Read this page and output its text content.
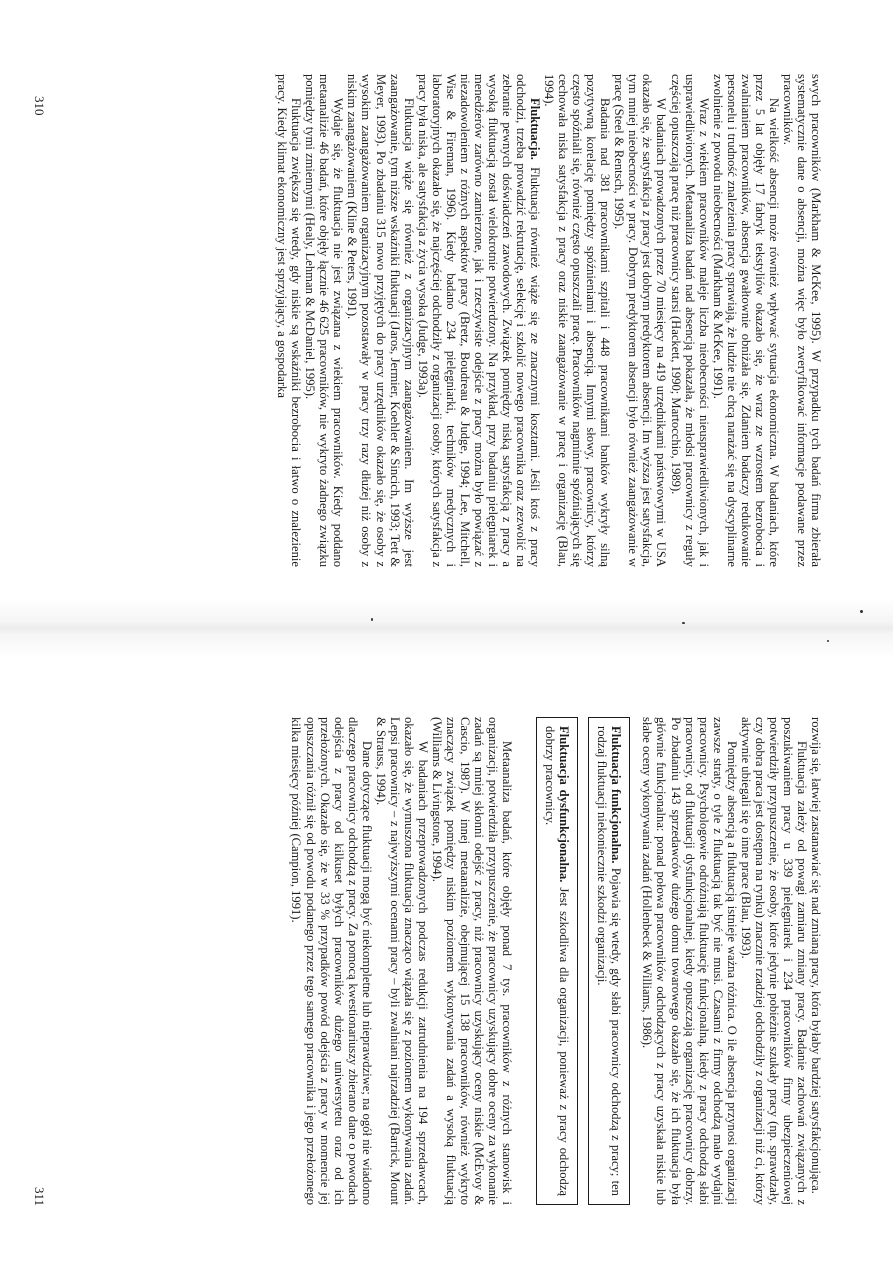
swych pracowników (Markham & McKee, 1995). W przypadku tych badań firma zbierała systematycznie dane o absencji, można więc było zweryfikować informacje podawane przez pracowników.

Na wielkość absencji może również wpływać sytuacja ekonomiczna. W badaniach, które przez 5 lat objęły 17 fabryk tekstyliów okazało się, że wraz ze wzrostem bezrobocia i zwalnianiem pracowników, absencja gwałtownie obniżała się. Zdaniem badaczy redukowanie personelu i trudność znalezienia pracy sprawiają, że ludzie nie chcą narażać się na dyscyplinarne zwolnienie z powodu nieobecności (Markham & McKee, 1991).

Wraz z wiekiem pracowników maleje liczba nieobecności nieusprawiedliwionych, jak i usprawiedliwionych. Metaanaliza badań nad absencją pokazała, że młodsi pracownicy z reguły częściej opuszczają pracę niż pracownicy starsi (Hackett, 1990; Martocchio, 1989).

W badaniach prowadzonych przez 70 miesięcy na 419 urzędnikami państwowymi w USA okazało się, że satysfakcja z pracy jest dobrym predyktorem absencji. Im wyższa jest satysfakcja, tym mniej nieobecności w pracy. Dobrym predyktorem absencji było również zaangażowanie w pracę (Steel & Rentsch, 1995).

Badania nad 381 pracownikami szpitali i 448 pracownikami banków wykryły silną pozytywną korelację pomiędzy spóźnieniami i absencją. Innymi słowy, pracownicy, którzy często spóźniali się, również często opuszczali pracę. Pracowników nagminnie spóźniających się cechowała niska satysfakcja z pracy oraz niskie zaangażowanie w pracę i organizację (Blau, 1994).

Fluktuacja. Fluktuacja również wiąże się ze znacznymi kosztami. Jeśli ktoś z pracy odchodzi, trzeba prowadzić rekrutację, selekcję i szkolić nowego pracownika oraz zezwolić na zebranie pewnych doświadczeń zawodowych. Związek pomiędzy niską satysfakcją z pracy a wysoką fluktuacją został wielokrotnie potwierdzony. Na przykład, przy badaniu pielęgniarek i menedżerów zarówno zamierzone, jak i rzeczywiste odejście z pracy można było powiązać z niezadowoleniem z różnych aspektów pracy (Bretz, Boudreau & Judge, 1994; Lee, Mitchell, Wise & Fireman, 1996). Kiedy badano 234 pielęgniarki, techników medycznych i laboratoryjnych okazało się, że najczęściej odchodziły z organizacji osoby, których satysfakcja z pracy była niska, ale satysfakcja z życia wysoka (Judge, 1993a).

Fluktuacja wiąże się również z organizacyjnym zaangażowaniem. Im wyższe jest zaangażowanie, tym niższe wskaźniki fluktuacji (Jaros, Jermier, Koehler & Sincich, 1993; Tett & Meyer, 1993). Po zbadaniu 315 nowo przyjętych do pracy urzędników okazało się, że osoby z wysokim zaangażowaniem organizacyjnym pozostawały w pracy trzy razy dłużej niż osoby z niskim zaangażowaniem (Kline & Peters, 1991).

Wydaje się, że fluktuacja nie jest związana z wiekiem pracowników. Kiedy poddano metaanalizie 46 badań, które objęły łącznie 46 625 pracowników, nie wykryto żadnego związku pomiędzy tymi zmiennymi (Healy, Lehman & McDaniel, 1995).

Fluktuacja zwiększa się wtedy, gdy niskie są wskaźniki bezrobocia i łatwo o znalezienie pracy. Kiedy klimat ekonomiczny jest sprzyjający, a gospodarka

310

rozwija się, łatwiej zastanawiać się nad zmianą pracy, która byłaby bardziej satysfakcjonująca.

Fluktuacja zależy od powagi zamiaru zmiany pracy. Badanie zachowań związanych z poszukiwaniem pracy u 339 pielęgniarek i 234 pracowników firmy ubezpieczeniowej potwierdziły przypuszczenie, że osoby, które jedynie pobieżnie szukały pracy (np. sprawdzały, czy dobra praca jest dostępna na rynku) znacznie rzadziej odchodziły z organizacji niż ci, którzy aktywnie ubiegali się o inne prace (Blau, 1993).

Pomiędzy absencją a fluktuacją istnieje ważna różnica. O ile absencja przynosi organizacji zawsze straty, o tyle z fluktuacją tak być nie musi. Czasami z firmy odchodzą mało wydajni pracownicy. Psychologowie odróżniają fluktuację funkcjonalną, kiedy z pracy odchodzą słabi pracownicy, od fluktuacji dysfunkcjonalnej, kiedy opuszczają organizację pracownicy dobrzy. Po zbadaniu 143 sprzedawców dużego domu towarowego okazało się, że ich fluktuacja była głównie funkcjonalna: ponad połowa pracowników odchodzących z pracy uzyskała niskie lub słabe oceny wykonywania zadań (Hollenbeck & Williams, 1986).

Fluktuacja funkcjonalna. Pojawia się wtedy, gdy słabi pracownicy odchodzą z pracy; ten rodzaj fluktuacji niekoniecznie szkodzi organizacji.

Fluktuacja dysfunkcjonalna. Jest szkodliwa dla organizacji, ponieważ z pracy odchodzą dobrzy pracownicy.

Metaanaliza badań, które objęły ponad 7 tys. pracowników z różnych stanowisk i organizacji, potwierdziła przypuszczenie, że pracownicy uzyskujący dobre oceny za wykonanie zadań są mniej skłonni odejść z pracy, niż pracownicy uzyskujący oceny niskie (McEvoy & Cascio, 1987). W innej metaanalizie, obejmującej 15 138 pracowników, również wykryto znaczący związek pomiędzy niskim poziomem wykonywania zadań a wysoką fluktuacją (Williams & Livingstone, 1994).

W badaniach przeprowadzonych podczas redukcji zatrudnienia na 194 sprzedawcach, okazało się, że wymuszona fluktuacja znacząco wiązała się z poziomem wykonywania zadań. Lepsi pracownicy – z najwyższymi ocenami pracy – byli zwalniani najrzadziej (Barrick, Mount & Strauss, 1994).

Dane dotyczące fluktuacji mogą być niekompletne lub nieprawdziwe; na ogół nie wiadomo dlaczego pracownicy odchodzą z pracy. Za pomocą kwestionariuszy zbierano dane o powodach odejścia z pracy od kilkuset byłych pracowników dużego uniwersytetu oraz od ich przełożonych. Okazało się, że w 33 % przypadków powód odejścia z pracy w momencie jej opuszczania różnił się od powodu podanego przez tego samego pracownika i jego przełożonego kilka miesięcy później (Campion, 1991).

311
